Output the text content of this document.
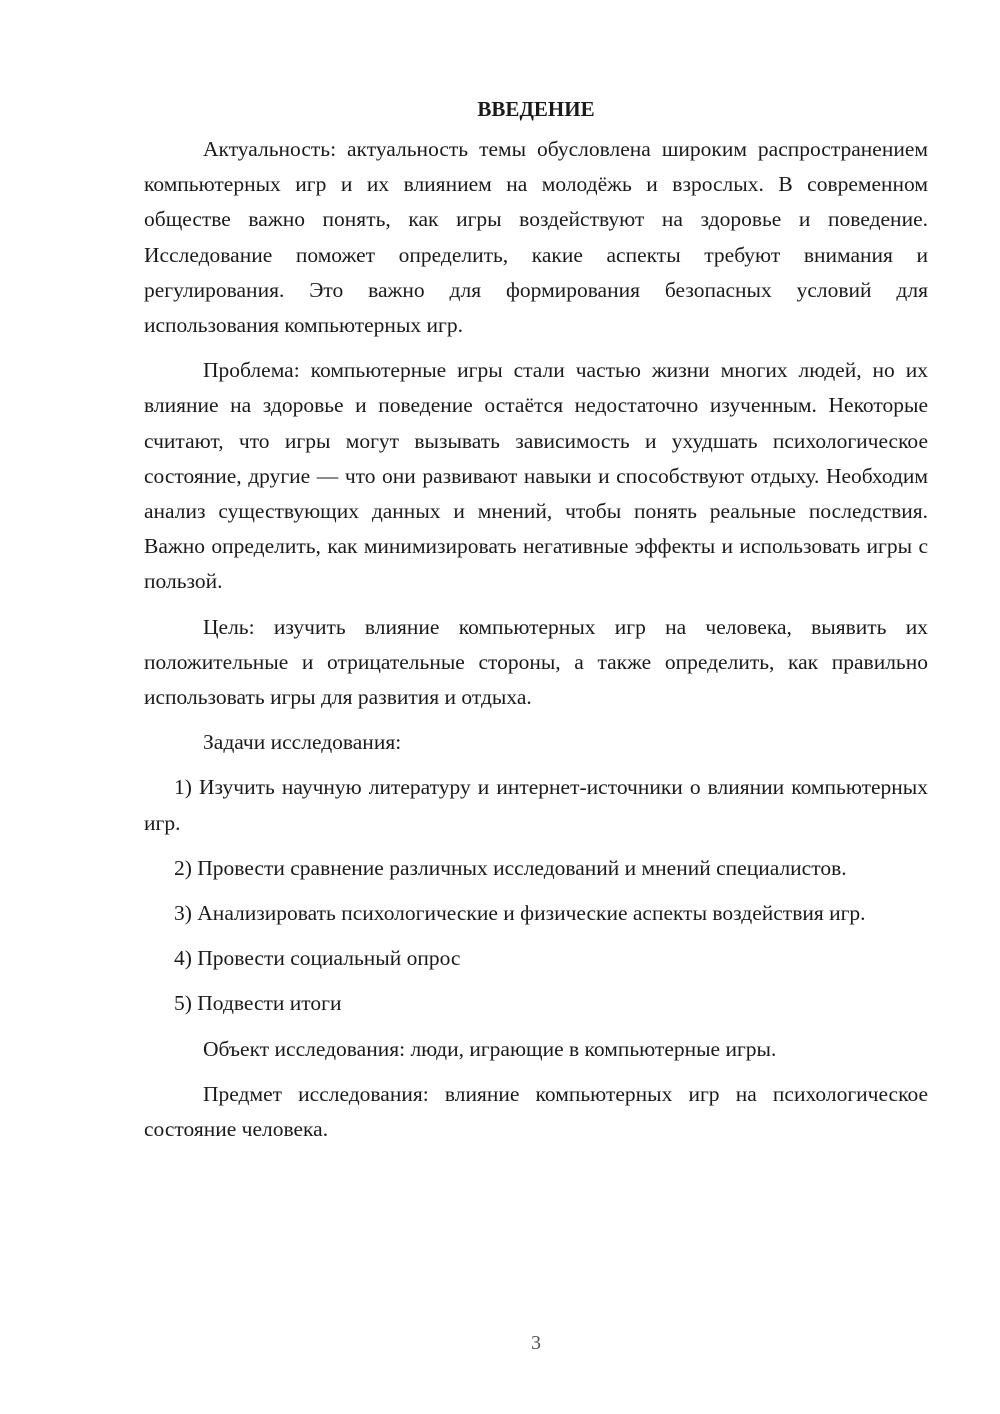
ВВЕДЕНИЕ

Актуальность: актуальность темы обусловлена широким распространением компьютерных игр и их влиянием на молодёжь и взрослых. В современном обществе важно понять, как игры воздействуют на здоровье и поведение. Исследование поможет определить, какие аспекты требуют внимания и регулирования. Это важно для формирования безопасных условий для использования компьютерных игр.

Проблема: компьютерные игры стали частью жизни многих людей, но их влияние на здоровье и поведение остаётся недостаточно изученным. Некоторые считают, что игры могут вызывать зависимость и ухудшать психологическое состояние, другие — что они развивают навыки и способствуют отдыху. Необходим анализ существующих данных и мнений, чтобы понять реальные последствия. Важно определить, как минимизировать негативные эффекты и использовать игры с пользой.

Цель: изучить влияние компьютерных игр на человека, выявить их положительные и отрицательные стороны, а также определить, как правильно использовать игры для развития и отдыха.

Задачи исследования:

1) Изучить научную литературу и интернет-источники о влиянии компьютерных игр.

2) Провести сравнение различных исследований и мнений специалистов.

3) Анализировать психологические и физические аспекты воздействия игр.

4) Провести социальный опрос

5) Подвести итоги

Объект исследования: люди, играющие в компьютерные игры.

Предмет исследования: влияние компьютерных игр на психологическое состояние человека.

3
